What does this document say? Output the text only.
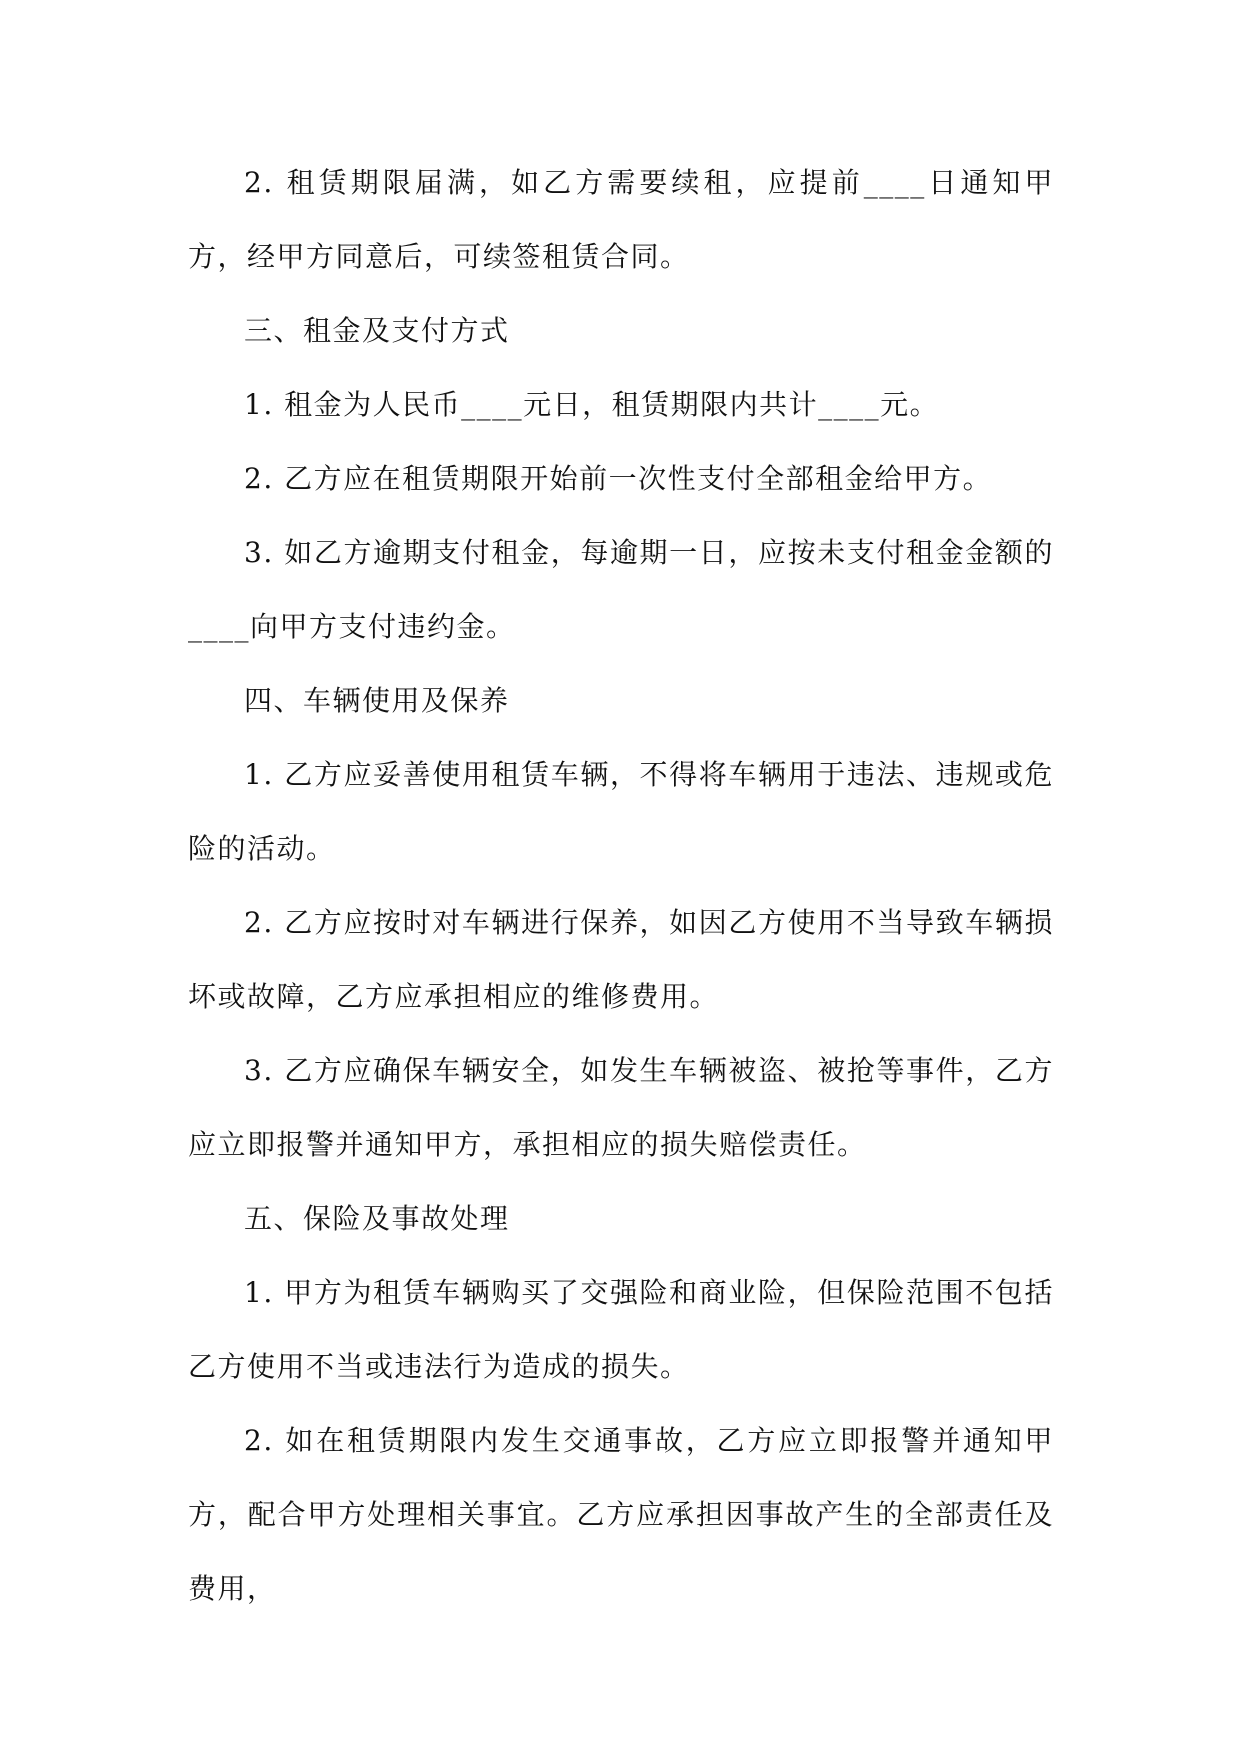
2. 租赁期限届满，如乙方需要续租，应提前____日通知甲方，经甲方同意后，可续签租赁合同。

三、租金及支付方式

1. 租金为人民币____元日，租赁期限内共计____元。

2. 乙方应在租赁期限开始前一次性支付全部租金给甲方。

3. 如乙方逾期支付租金，每逾期一日，应按未支付租金金额的____向甲方支付违约金。

四、车辆使用及保养

1. 乙方应妥善使用租赁车辆，不得将车辆用于违法、违规或危险的活动。

2. 乙方应按时对车辆进行保养，如因乙方使用不当导致车辆损坏或故障，乙方应承担相应的维修费用。

3. 乙方应确保车辆安全，如发生车辆被盗、被抢等事件，乙方应立即报警并通知甲方，承担相应的损失赔偿责任。

五、保险及事故处理

1. 甲方为租赁车辆购买了交强险和商业险，但保险范围不包括乙方使用不当或违法行为造成的损失。

2. 如在租赁期限内发生交通事故，乙方应立即报警并通知甲方，配合甲方处理相关事宜。乙方应承担因事故产生的全部责任及费用，
